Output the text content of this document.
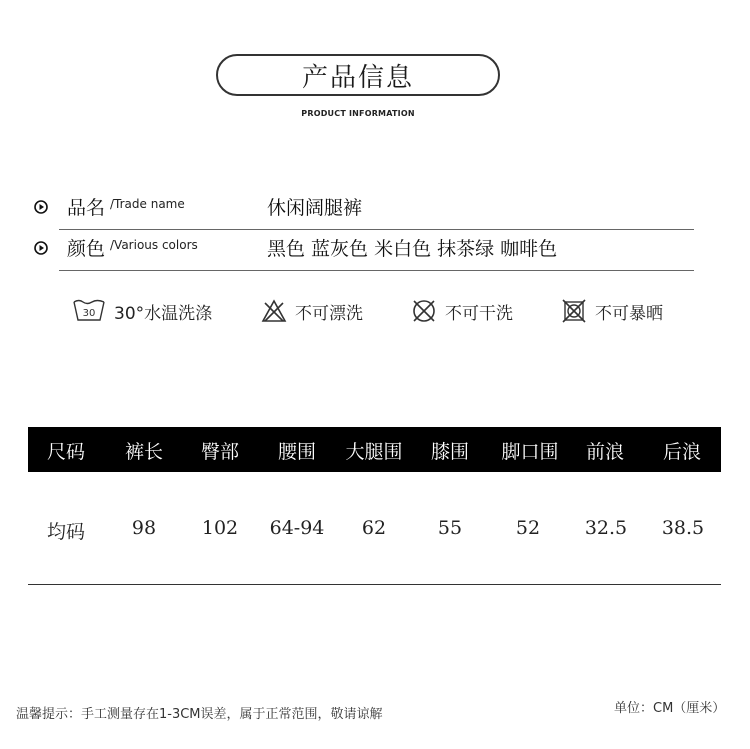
产品信息
PRODUCT INFORMATION
品名 /Trade name	休闲阔腿裤
颜色 /Various colors	黑色 蓝灰色 米白色 抹茶绿 咖啡色
30 30°水温洗涤	不可漂洗	不可干洗	不可暴晒
尺码	裤长	臀部	腰围	大腿围	膝围	脚口围	前浪	后浪
均码	98	102	64-94	62	55	52	32.5	38.5
温馨提示：手工测量存在1-3CM误差，属于正常范围，敬请谅解	单位：CM（厘米）
